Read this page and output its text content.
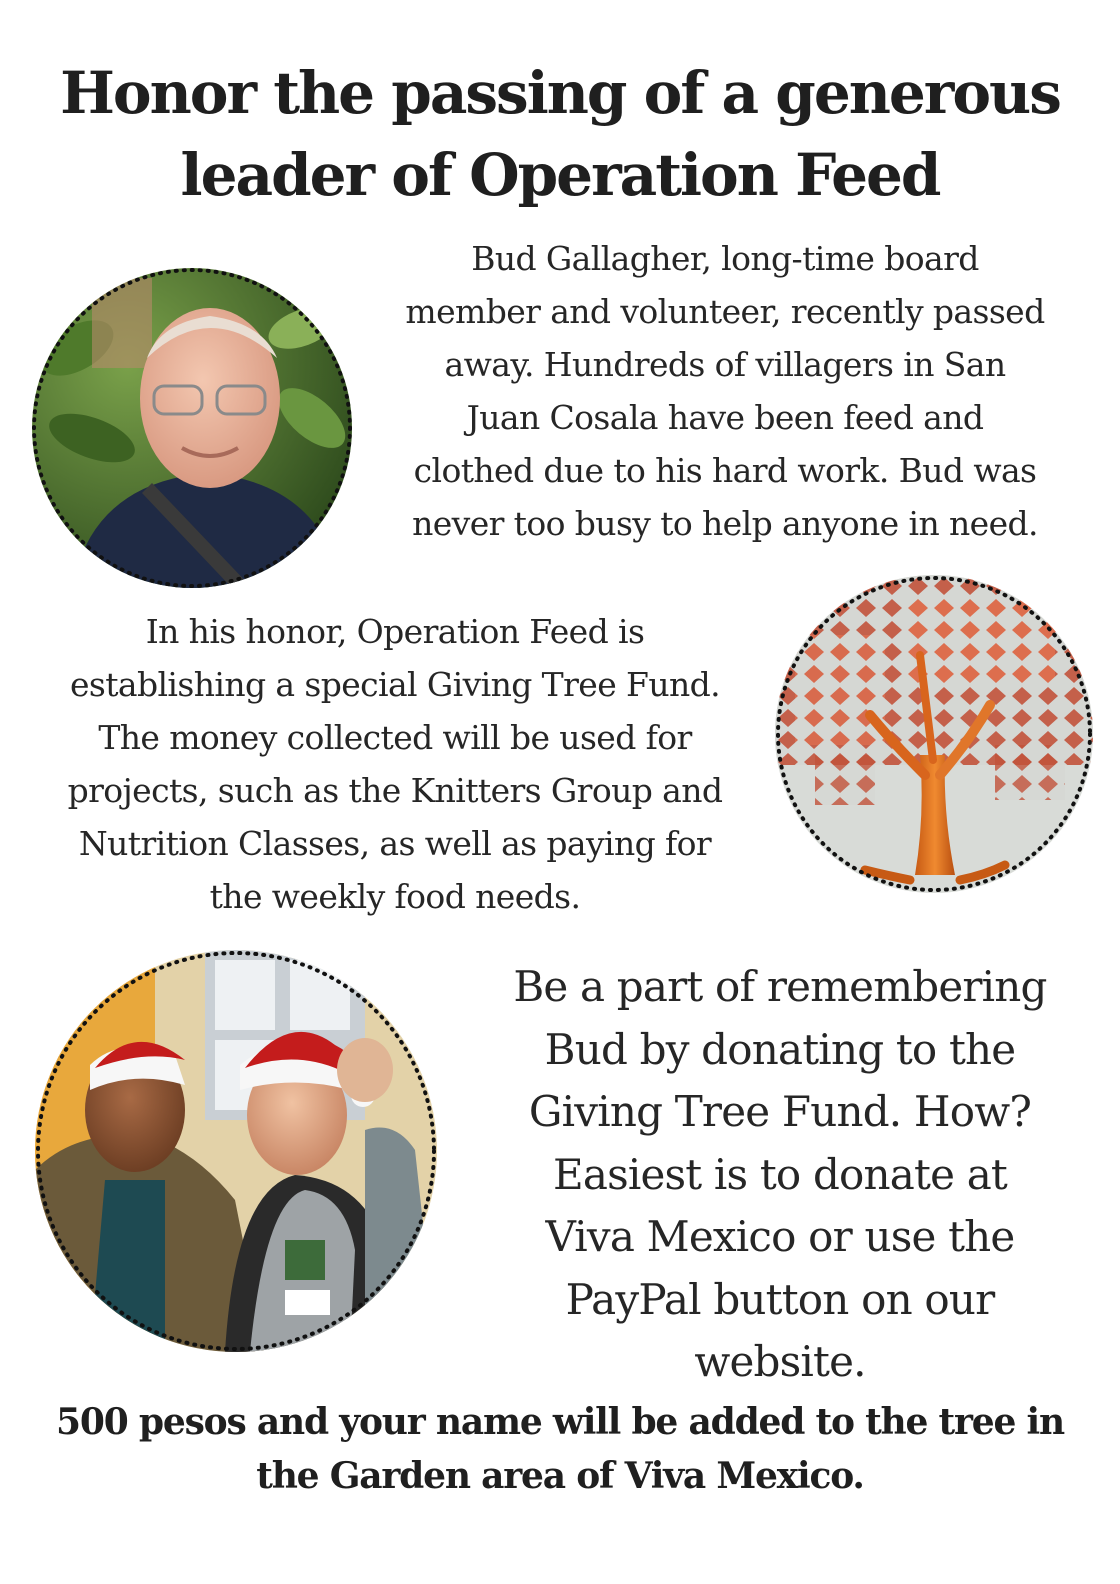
Honor the passing of a generous
leader of Operation Feed
Bud Gallagher, long-time board
member and volunteer, recently passed
away. Hundreds of villagers in San
Juan Cosala have been feed and
clothed due to his hard work. Bud was
never too busy to help anyone in need.
In his honor, Operation Feed is
establishing a special Giving Tree Fund.
The money collected will be used for
projects, such as the Knitters Group and
Nutrition Classes, as well as paying for
the weekly food needs.
Be a part of remembering
Bud by donating to the
Giving Tree Fund. How?
Easiest is to donate at
Viva Mexico or use the
PayPal button on our
website.
500 pesos and your name will be added to the tree in
the Garden area of Viva Mexico.
